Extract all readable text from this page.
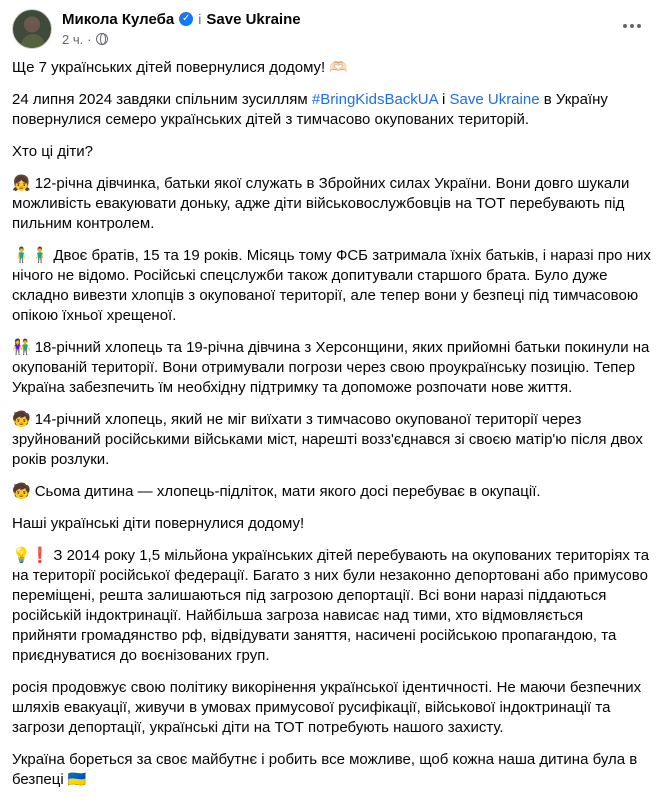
Микола Кулеба ✓ і Save Ukraine
2 ч. ·

Ще 7 українських дітей повернулися додому! 🫶🏻

24 липня 2024 завдяки спільним зусиллям #BringKidsBackUA і Save Ukraine в Україну повернулися семеро українських дітей з тимчасово окупованих територій.

Хто ці діти?

👧 12-річна дівчинка, батьки якої служать в Збройних силах України. Вони довго шукали можливість евакуювати доньку, адже діти військовослужбовців на ТОТ перебувають під пильним контролем.

🧍‍♂️🧍‍♂️ Двоє братів, 15 та 19 років. Місяць тому ФСБ затримала їхніх батьків, і наразі про них нічого не відомо. Російські спецслужби також допитували старшого брата. Було дуже складно вивезти хлопців з окупованої території, але тепер вони у безпеці під тимчасовою опікою їхньої хрещеної.

👫 18-річний хлопець та 19-річна дівчина з Херсонщини, яких прийомні батьки покинули на окупованій території. Вони отримували погрози через свою проукраїнську позицію. Тепер Україна забезпечить їм необхідну підтримку та допоможе розпочати нове життя.

🧒 14-річний хлопець, який не міг виїхати з тимчасово окупованої території через зруйнований російськими військами міст, нарешті возз'єднався зі своєю матір'ю після двох років розлуки.

🧒 Сьома дитина — хлопець-підліток, мати якого досі перебуває в окупації.

Наші українські діти повернулися додому!

💡❗ З 2014 року 1,5 мільйона українських дітей перебувають на окупованих територіях та на території російської федерації. Багато з них були незаконно депортовані або примусово переміщені, решта залишаються під загрозою депортації. Всі вони наразі піддаються російській індоктринації. Найбільша загроза нависає над тими, хто відмовляється прийняти громадянство рф, відвідувати заняття, насичені російською пропагандою, та приєднуватися до воєнізованих груп.

росія продовжує свою політику викорінення української ідентичності. Не маючи безпечних шляхів евакуації, живучи в умовах примусової русифікації, військової індоктринації та загрози депортації, українські діти на ТОТ потребують нашого захисту.

Україна бореться за своє майбутнє і робить все можливе, щоб кожна наша дитина була в безпеці 🇺🇦
